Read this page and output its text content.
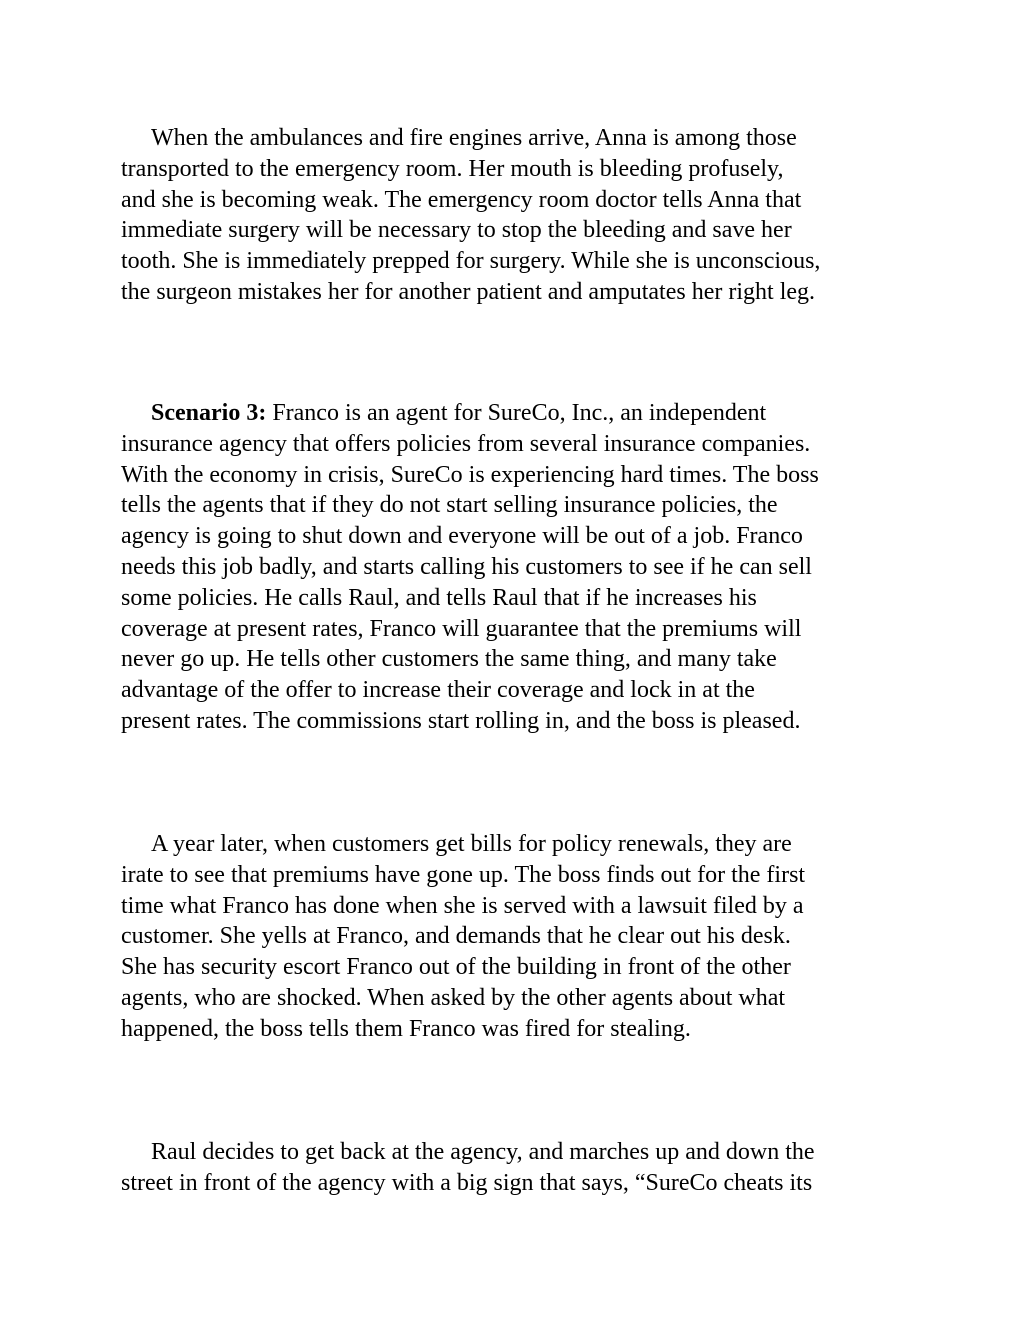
When the ambulances and fire engines arrive, Anna is among those
transported to the emergency room. Her mouth is bleeding profusely,
and she is becoming weak. The emergency room doctor tells Anna that
immediate surgery will be necessary to stop the bleeding and save her
tooth. She is immediately prepped for surgery. While she is unconscious,
the surgeon mistakes her for another patient and amputates her right leg.

Scenario 3: Franco is an agent for SureCo, Inc., an independent
insurance agency that offers policies from several insurance companies.
With the economy in crisis, SureCo is experiencing hard times. The boss
tells the agents that if they do not start selling insurance policies, the
agency is going to shut down and everyone will be out of a job. Franco
needs this job badly, and starts calling his customers to see if he can sell
some policies. He calls Raul, and tells Raul that if he increases his
coverage at present rates, Franco will guarantee that the premiums will
never go up. He tells other customers the same thing, and many take
advantage of the offer to increase their coverage and lock in at the
present rates. The commissions start rolling in, and the boss is pleased.

A year later, when customers get bills for policy renewals, they are
irate to see that premiums have gone up. The boss finds out for the first
time what Franco has done when she is served with a lawsuit filed by a
customer. She yells at Franco, and demands that he clear out his desk.
She has security escort Franco out of the building in front of the other
agents, who are shocked. When asked by the other agents about what
happened, the boss tells them Franco was fired for stealing.

Raul decides to get back at the agency, and marches up and down the
street in front of the agency with a big sign that says, “SureCo cheats its
